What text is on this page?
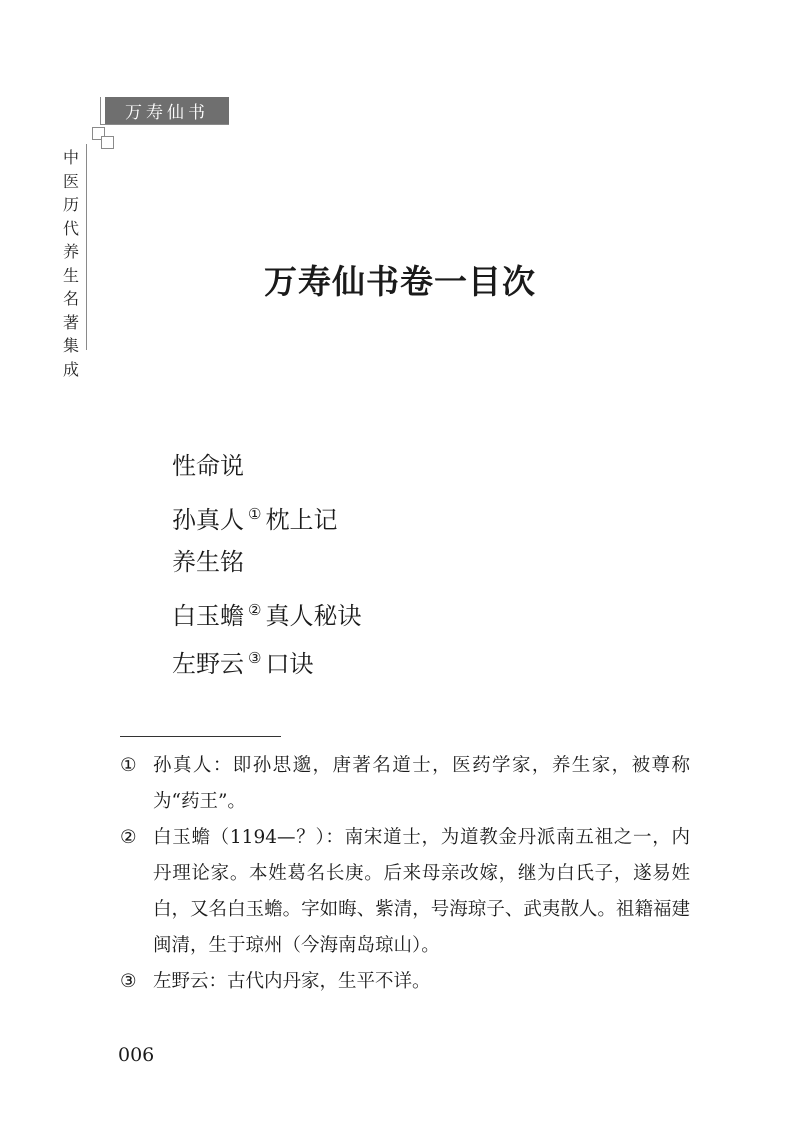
万寿仙书
中
医
历
代
养
生
名
著
集
成
万寿仙书卷一目次
性命说
孙真人 ① 枕上记
养生铭
白玉蟾 ② 真人秘诀
左野云 ③ 口诀
① 孙真人：即孙思邈，唐著名道士，医药学家，养生家，被尊称为“药王”。
② 白玉蟾（1194—？）：南宋道士，为道教金丹派南五祖之一，内丹理论家。本姓葛名长庚。后来母亲改嫁，继为白氏子，遂易姓白，又名白玉蟾。字如晦、紫清，号海琼子、武夷散人。祖籍福建闽清，生于琼州（今海南岛琼山）。
③ 左野云：古代内丹家，生平不详。
006
